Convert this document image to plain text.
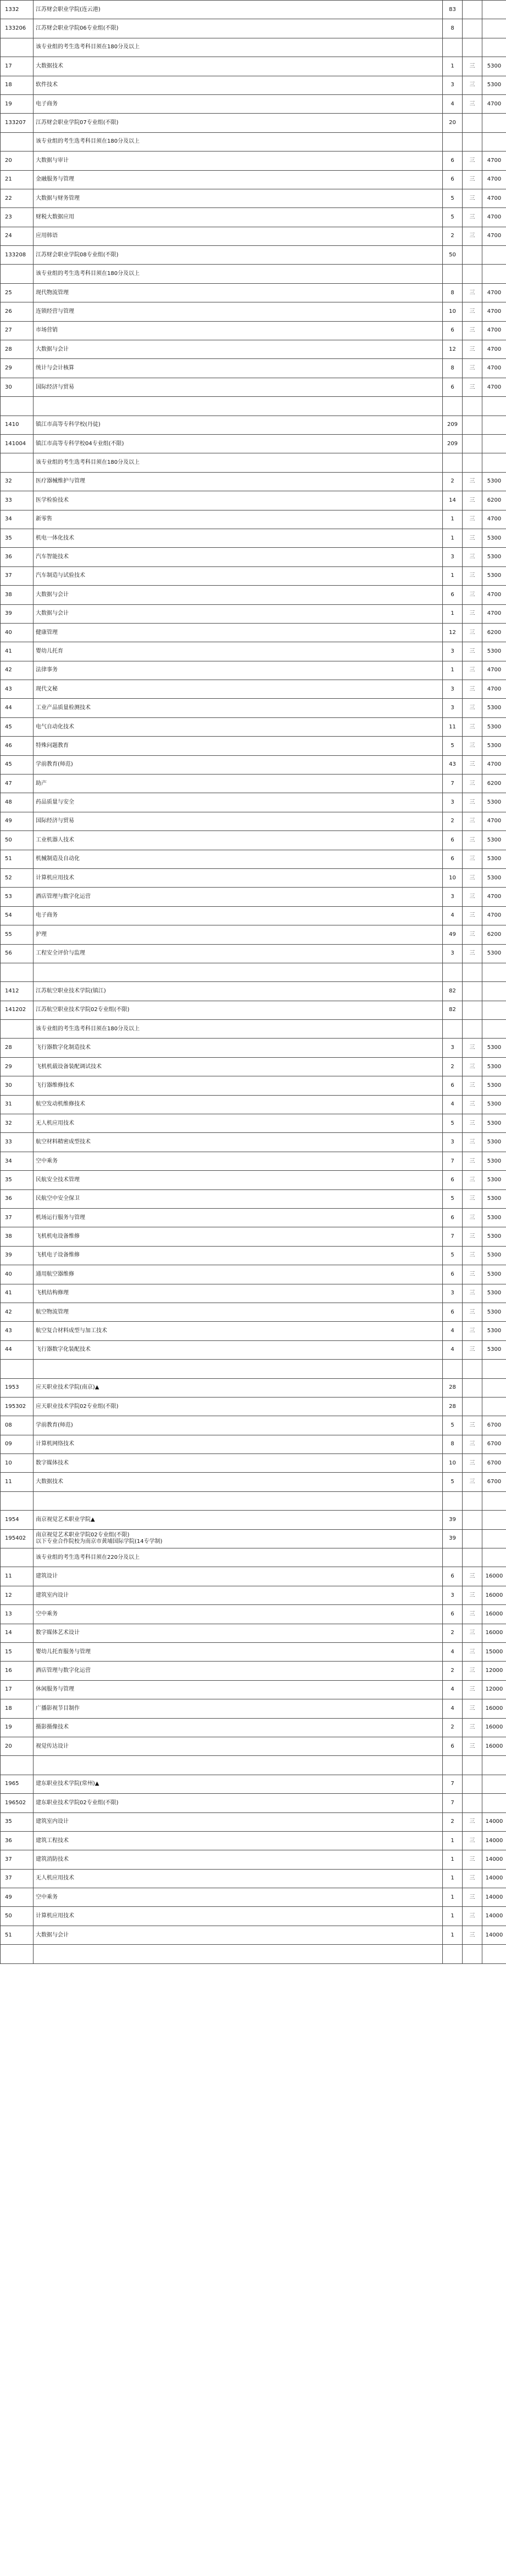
1332	江苏财会职业学院(连云港)	83		
133206	江苏财会职业学院06专业组(不限)	8		
	该专业组的考生选考科目须在180分及以上			
17	大数据技术	1	三	5300
18	软件技术	3	三	5300
19	电子商务	4	三	4700
133207	江苏财会职业学院07专业组(不限)	20		
	该专业组的考生选考科目须在180分及以上			
20	大数据与审计	6	三	4700
21	金融服务与管理	6	三	4700
22	大数据与财务管理	5	三	4700
23	财税大数据应用	5	三	4700
24	应用韩语	2	三	4700
133208	江苏财会职业学院08专业组(不限)	50		
	该专业组的考生选考科目须在180分及以上			
25	现代物流管理	8	三	4700
26	连锁经营与管理	10	三	4700
27	市场营销	6	三	4700
28	大数据与会计	12	三	4700
29	统计与会计核算	8	三	4700
30	国际经济与贸易	6	三	4700

1410	镇江市高等专科学校(丹徒)	209		
141004	镇江市高等专科学校04专业组(不限)	209		
	该专业组的考生选考科目须在180分及以上			
32	医疗器械维护与管理	2	三	5300
33	医学检验技术	14	三	6200
34	新零售	1	三	4700
35	机电一体化技术	1	三	5300
36	汽车智能技术	3	三	5300
37	汽车制造与试验技术	1	三	5300
38	大数据与会计	6	三	4700
39	大数据与会计	1	三	4700
40	健康管理	12	三	6200
41	婴幼儿托育	3	三	5300
42	法律事务	1	三	4700
43	现代文秘	3	三	4700
44	工业产品质量检测技术	3	三	5300
45	电气自动化技术	11	三	5300
46	特殊问题教育	5	三	5300
45	学前教育(师范)	43	三	4700
47	助产	7	三	6200
48	药品质量与安全	3	三	5300
49	国际经济与贸易	2	三	4700
50	工业机器人技术	6	三	5300
51	机械制造及自动化	6	三	5300
52	计算机应用技术	10	三	5300
53	酒店管理与数字化运营	3	三	4700
54	电子商务	4	三	4700
55	护理	49	三	6200
56	工程安全评价与监理	3	三	5300

1412	江苏航空职业技术学院(镇江)	82		
141202	江苏航空职业技术学院02专业组(不限)	82		
	该专业组的考生选考科目须在180分及以上			
28	飞行器数字化制造技术	3	三	5300
29	飞机机载设备装配调试技术	2	三	5300
30	飞行器维修技术	6	三	5300
31	航空发动机维修技术	4	三	5300
32	无人机应用技术	5	三	5300
33	航空材料精密成型技术	3	三	5300
34	空中乘务	7	三	5300
35	民航安全技术管理	6	三	5300
36	民航空中安全保卫	5	三	5300
37	机场运行服务与管理	6	三	5300
38	飞机机电设备维修	7	三	5300
39	飞机电子设备维修	5	三	5300
40	通用航空器维修	6	三	5300
41	飞机结构修理	3	三	5300
42	航空物流管理	6	三	5300
43	航空复合材料成型与加工技术	4	三	5300
44	飞行器数字化装配技术	4	三	5300

1953	应天职业技术学院(南京)▲	28		
195302	应天职业技术学院02专业组(不限)	28		
08	学前教育(师范)	5	三	6700
09	计算机网络技术	8	三	6700
10	数字媒体技术	10	三	6700
11	大数据技术	5	三	6700

1954	南京视觉艺术职业学院▲	39		
195402	南京视觉艺术职业学院02专业组(不限)
以下专业合作院校为南京市黄埔国际学院(14专学制)	39		
	该专业组的考生选考科目须在220分及以上			
11	建筑设计	6	三	16000
12	建筑室内设计	3	三	16000
13	空中乘务	6	三	16000
14	数字媒体艺术设计	2	三	16000
15	婴幼儿托育服务与管理	4	三	15000
16	酒店管理与数字化运营	2	三	12000
17	休闲服务与管理	4	三	12000
18	广播影视节目制作	4	三	16000
19	摄影摄像技术	2	三	16000
20	视觉传达设计	6	三	16000

1965	建东职业技术学院(常州)▲	7		
196502	建东职业技术学院02专业组(不限)	7		
35	建筑室内设计	2	三	14000
36	建筑工程技术	1	三	14000
37	建筑消防技术	1	三	14000
37	无人机应用技术	1	三	14000
49	空中乘务	1	三	14000
50	计算机应用技术	1	三	14000
51	大数据与会计	1	三	14000
